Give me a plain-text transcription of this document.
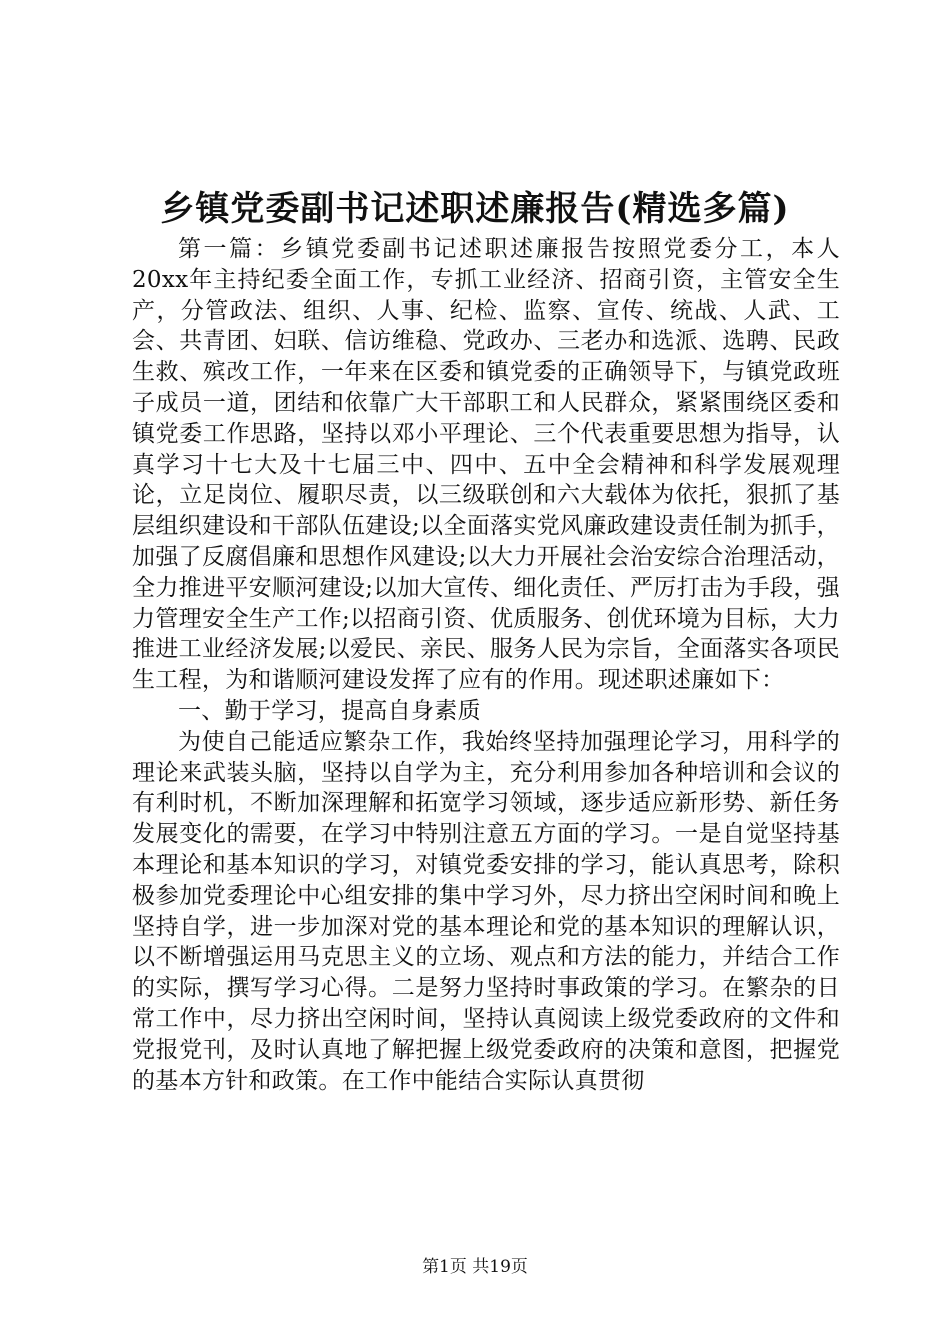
乡镇党委副书记述职述廉报告(精选多篇)

第一篇：乡镇党委副书记述职述廉报告按照党委分工，本人20xx年主持纪委全面工作，专抓工业经济、招商引资，主管安全生产，分管政法、组织、人事、纪检、监察、宣传、统战、人武、工会、共青团、妇联、信访维稳、党政办、三老办和选派、选聘、民政生救、殡改工作，一年来在区委和镇党委的正确领导下，与镇党政班子成员一道，团结和依靠广大干部职工和人民群众，紧紧围绕区委和镇党委工作思路，坚持以邓小平理论、三个代表重要思想为指导，认真学习十七大及十七届三中、四中、五中全会精神和科学发展观理论，立足岗位、履职尽责，以三级联创和六大载体为依托，狠抓了基层组织建设和干部队伍建设;以全面落实党风廉政建设责任制为抓手，加强了反腐倡廉和思想作风建设;以大力开展社会治安综合治理活动，全力推进平安顺河建设;以加大宣传、细化责任、严厉打击为手段，强力管理安全生产工作;以招商引资、优质服务、创优环境为目标，大力推进工业经济发展;以爱民、亲民、服务人民为宗旨，全面落实各项民生工程，为和谐顺河建设发挥了应有的作用。现述职述廉如下：

一、勤于学习，提高自身素质

为使自己能适应繁杂工作，我始终坚持加强理论学习，用科学的理论来武装头脑，坚持以自学为主，充分利用参加各种培训和会议的有利时机，不断加深理解和拓宽学习领域，逐步适应新形势、新任务发展变化的需要，在学习中特别注意五方面的学习。一是自觉坚持基本理论和基本知识的学习，对镇党委安排的学习，能认真思考，除积极参加党委理论中心组安排的集中学习外，尽力挤出空闲时间和晚上坚持自学，进一步加深对党的基本理论和党的基本知识的理解认识，以不断增强运用马克思主义的立场、观点和方法的能力，并结合工作的实际，撰写学习心得。二是努力坚持时事政策的学习。在繁杂的日常工作中，尽力挤出空闲时间，坚持认真阅读上级党委政府的文件和党报党刊，及时认真地了解把握上级党委政府的决策和意图，把握党的基本方针和政策。在工作中能结合实际认真贯彻

第1页 共19页
